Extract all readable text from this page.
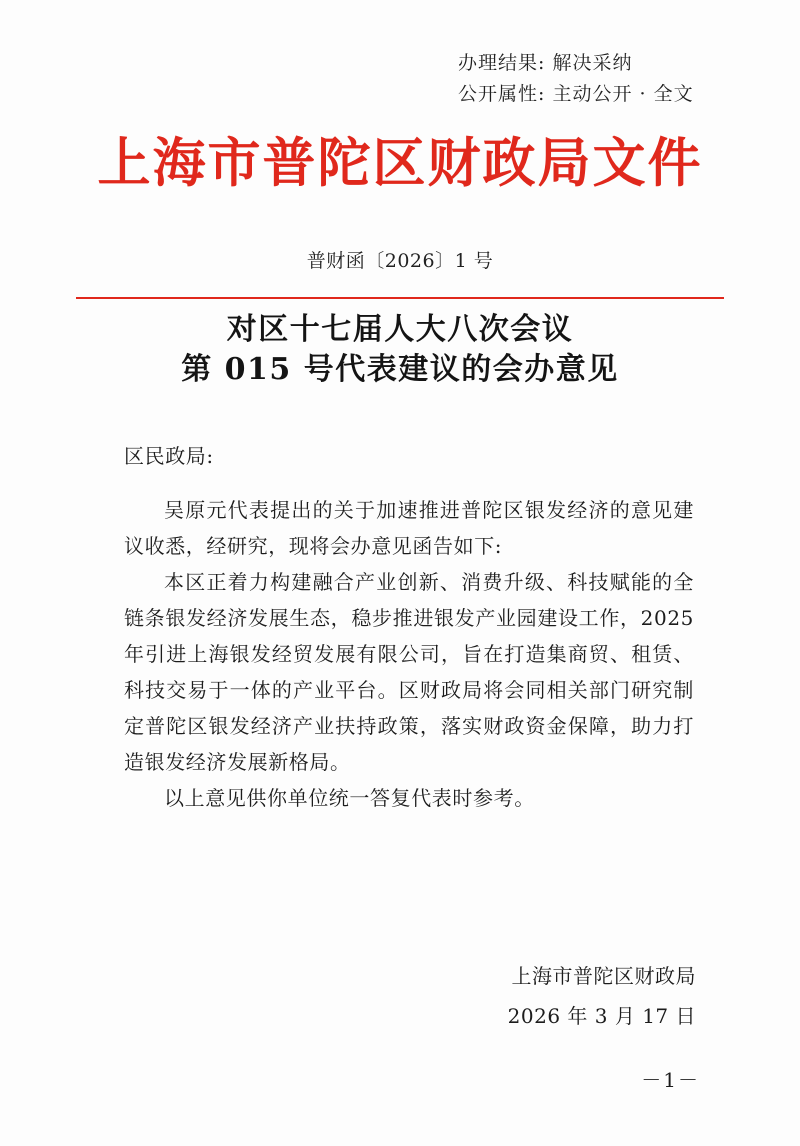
办理结果: 解决采纳
公开属性: 主动公开 · 全文
上海市普陀区财政局文件
普财函〔2026〕1 号
对区十七届人大八次会议
第 015 号代表建议的会办意见

区民政局:

吴原元代表提出的关于加速推进普陀区银发经济的意见建议收悉，经研究，现将会办意见函告如下:

本区正着力构建融合产业创新、消费升级、科技赋能的全链条银发经济发展生态，稳步推进银发产业园建设工作，2025 年引进上海银发经贸发展有限公司，旨在打造集商贸、租赁、科技交易于一体的产业平台。区财政局将会同相关部门研究制定普陀区银发经济产业扶持政策，落实财政资金保障，助力打造银发经济发展新格局。

以上意见供你单位统一答复代表时参考。

上海市普陀区财政局
2026 年 3 月 17 日
－1－
